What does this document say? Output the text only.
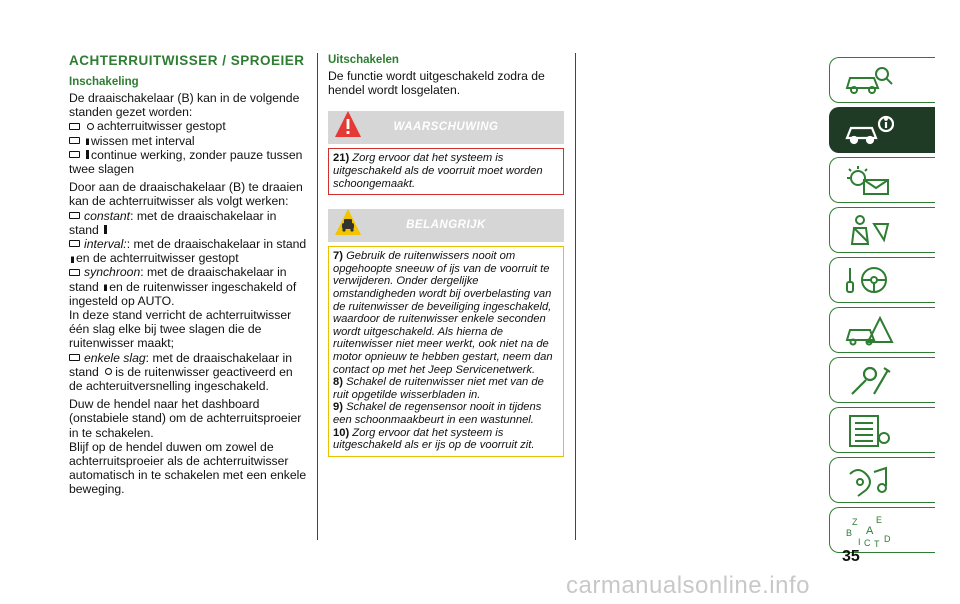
ACHTERRUITWISSER / SPROEIER
Inschakeling

De draaischakelaar (B) kan in de volgende standen gezet worden:

achterruitwisser gestopt

wissen met interval

continue werking, zonder pauze tussen twee slagen

Door aan de draaischakelaar (B) te draaien kan de achterruitwisser als volgt werken:

constant: met de draaischakelaar in stand

interval:: met de draaischakelaar in stand en de achterruitwisser gestopt

synchroon: met de draaischakelaar in stand en de ruitenwisser ingeschakeld of ingesteld op AUTO.

In deze stand verricht de achterruitwisser één slag elke bij twee slagen die de ruitenwisser maakt;

enkele slag: met de draaischakelaar in stand is de ruitenwisser geactiveerd en de achteruitversnelling ingeschakeld.

Duw de hendel naar het dashboard (onstabiele stand) om de achterruitsproeier in te schakelen.

Blijf op de hendel duwen om zowel de achterruitsproeier als de achterruitwisser automatisch in te schakelen met een enkele beweging.

Uitschakelen

De functie wordt uitgeschakeld zodra de hendel wordt losgelaten.

WAARSCHUWING
21) Zorg ervoor dat het systeem is uitgeschakeld als de voorruit moet worden schoongemaakt.
BELANGRIJK
7) Gebruik de ruitenwissers nooit om opgehoopte sneeuw of ijs van de voorruit te verwijderen. Onder dergelijke omstandigheden wordt bij overbelasting van de ruitenwisser de beveiliging ingeschakeld, waardoor de ruitenwisser enkele seconden wordt uitgeschakeld. Als hierna de ruitenwisser niet meer werkt, ook niet na de motor opnieuw te hebben gestart, neem dan contact op met het Jeep Servicenetwerk.
8) Schakel de ruitenwisser niet met van de ruit opgetilde wisserbladen in.
9) Schakel de regensensor nooit in tijdens een schoonmaakbeurt in een wastunnel.
10) Zorg ervoor dat het systeem is uitgeschakeld als er ijs op de voorruit zit.
Z E
B A
I C T D
35
carmanualsonline.info
